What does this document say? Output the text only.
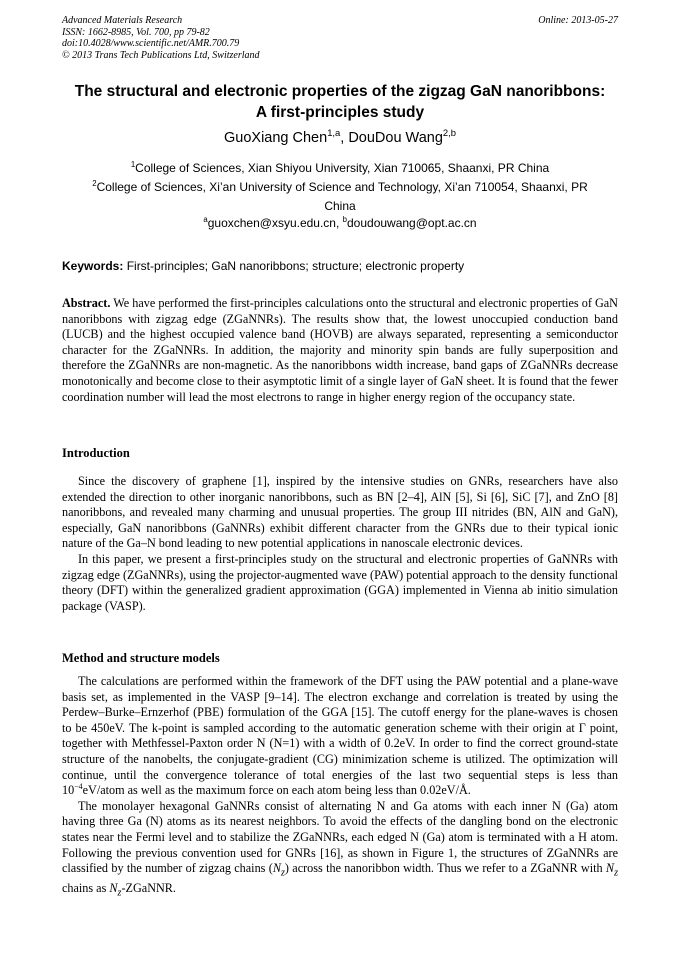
Advanced Materials Research
ISSN: 1662-8985, Vol. 700, pp 79-82
doi:10.4028/www.scientific.net/AMR.700.79
© 2013 Trans Tech Publications Ltd, Switzerland
Online: 2013-05-27
The structural and electronic properties of the zigzag GaN nanoribbons:
A first-principles study
GuoXiang Chen$^{1,a}$, DouDou Wang$^{2,b}$
$^1$College of Sciences, Xian Shiyou University, Xian 710065, Shaanxi, PR China
$^2$College of Sciences, Xi’an University of Science and Technology, Xi’an 710054, Shaanxi, PR
China
$^a$guoxchen@xsyu.edu.cn, $^b$doudouwang@opt.ac.cn
Keywords: First-principles; GaN nanoribbons; structure; electronic property

Abstract. We have performed the first-principles calculations onto the structural and electronic properties of GaN nanoribbons with zigzag edge (ZGaNNRs). The results show that, the lowest unoccupied conduction band (LUCB) and the highest occupied valence band (HOVB) are always separated, representing a semiconductor character for the ZGaNNRs. In addition, the majority and minority spin bands are fully superposition and therefore the ZGaNNRs are non-magnetic. As the nanoribbons width increase, band gaps of ZGaNNRs decrease monotonically and become close to their asymptotic limit of a single layer of GaN sheet. It is found that the fewer coordination number will lead the most electrons to range in higher energy region of the occupancy state.

Introduction

Since the discovery of graphene [1], inspired by the intensive studies on GNRs, researchers have also extended the direction to other inorganic nanoribbons, such as BN [2–4], AlN [5], Si [6], SiC [7], and ZnO [8] nanoribbons, and revealed many charming and unusual properties. The group III nitrides (BN, AlN and GaN), especially, GaN nanoribbons (GaNNRs) exhibit different character from the GNRs due to their typical ionic nature of the Ga–N bond leading to new potential applications in nanoscale electronic devices.

In this paper, we present a first-principles study on the structural and electronic properties of GaNNRs with zigzag edge (ZGaNNRs), using the projector-augmented wave (PAW) potential approach to the density functional theory (DFT) within the generalized gradient approximation (GGA) implemented in Vienna ab initio simulation package (VASP).

Method and structure models

The calculations are performed within the framework of the DFT using the PAW potential and a plane-wave basis set, as implemented in the VASP [9–14]. The electron exchange and correlation is treated by using the Perdew–Burke–Ernzerhof (PBE) formulation of the GGA [15]. The cutoff energy for the plane-waves is chosen to be 450eV. The k-point is sampled according to the automatic generation scheme with their origin at Γ point, together with Methfessel-Paxton order N (N=1) with a width of 0.2eV. In order to find the correct ground-state structure of the nanobelts, the conjugate-gradient (CG) minimization scheme is utilized. The optimization will continue, until the convergence tolerance of total energies of the last two sequential steps is less than $10^{-4}eV$/atom as well as the maximum force on each atom being less than 0.02eV/Å.

The monolayer hexagonal GaNNRs consist of alternating N and Ga atoms with each inner N (Ga) atom having three Ga (N) atoms as its nearest neighbors. To avoid the effects of the dangling bond on the electronic states near the Fermi level and to stabilize the ZGaNNRs, each edged N (Ga) atom is terminated with a H atom. Following the previous convention used for GNRs [16], as shown in Figure 1, the structures of ZGaNNRs are classified by the number of zigzag chains $(N_z)$ across the nanoribbon width. Thus we refer to a ZGaNNR with $N_z$ chains as $N_z$-ZGaNNR.
